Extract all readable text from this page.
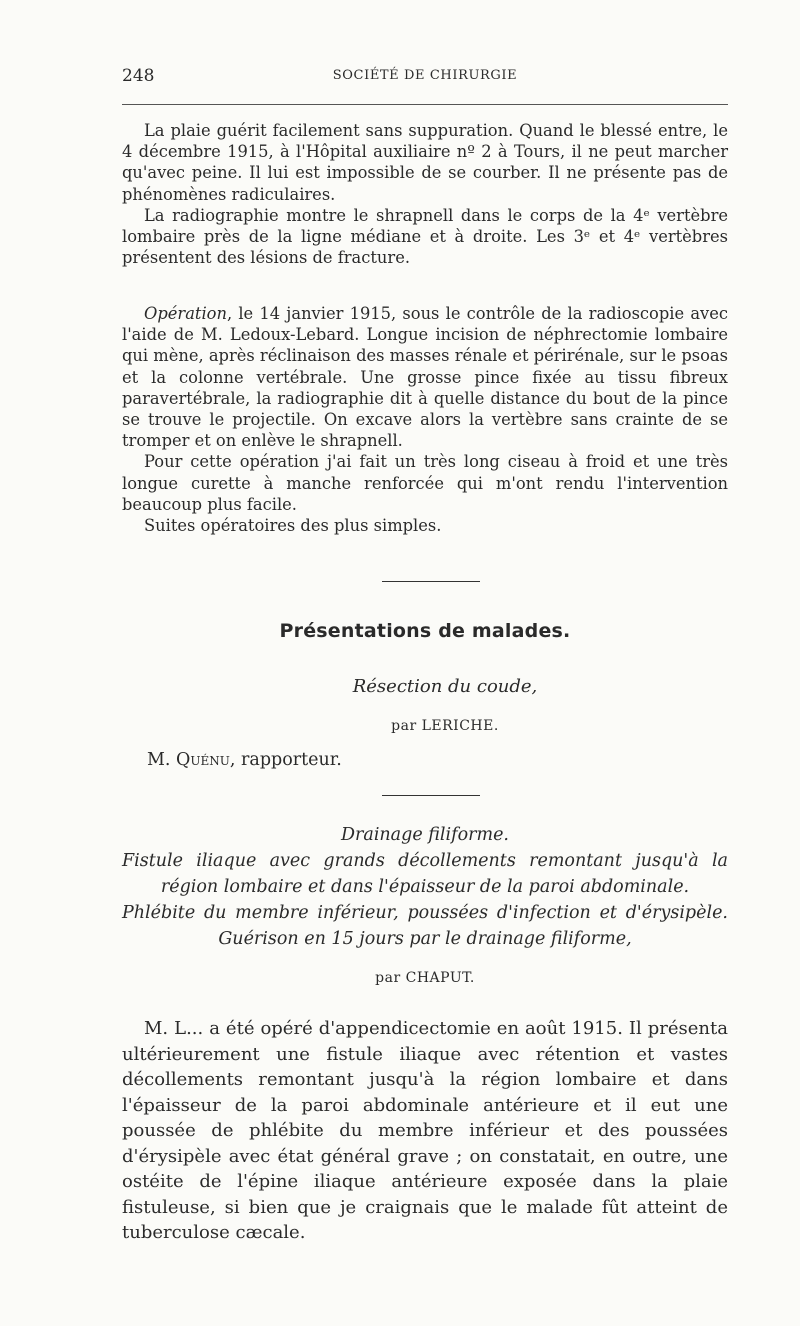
248	SOCIÉTÉ DE CHIRURGIE

La plaie guérit facilement sans suppuration. Quand le blessé entre, le 4 décembre 1915, à l'Hôpital auxiliaire nº 2 à Tours, il ne peut marcher qu'avec peine. Il lui est impossible de se courber. Il ne présente pas de phénomènes radiculaires.

La radiographie montre le shrapnell dans le corps de la 4ᵉ vertèbre lombaire près de la ligne médiane et à droite. Les 3ᵉ et 4ᵉ vertèbres présentent des lésions de fracture.

Opération, le 14 janvier 1915, sous le contrôle de la radioscopie avec l'aide de M. Ledoux-Lebard. Longue incision de néphrectomie lombaire qui mène, après réclinaison des masses rénale et périrénale, sur le psoas et la colonne vertébrale. Une grosse pince fixée au tissu fibreux paravertébrale, la radiographie dit à quelle distance du bout de la pince se trouve le projectile. On excave alors la vertèbre sans crainte de se tromper et on enlève le shrapnell.

Pour cette opération j'ai fait un très long ciseau à froid et une très longue curette à manche renforcée qui m'ont rendu l'intervention beaucoup plus facile.

Suites opératoires des plus simples.

Présentations de malades.
Résection du coude,
par LERICHE.
M. Quénu, rapporteur.
Drainage filiforme.
Fistule iliaque avec grands décollements remontant jusqu'à la
région lombaire et dans l'épaisseur de la paroi abdominale.
Phlébite du membre inférieur, poussées d'infection et d'érysipèle.
Guérison en 15 jours par le drainage filiforme,
par CHAPUT.

M. L... a été opéré d'appendicectomie en août 1915. Il présenta ultérieurement une fistule iliaque avec rétention et vastes décollements remontant jusqu'à la région lombaire et dans l'épaisseur de la paroi abdominale antérieure et il eut une poussée de phlébite du membre inférieur et des poussées d'érysipèle avec état général grave ; on constatait, en outre, une ostéite de l'épine iliaque antérieure exposée dans la plaie fistuleuse, si bien que je craignais que le malade fût atteint de tuberculose cæcale.
